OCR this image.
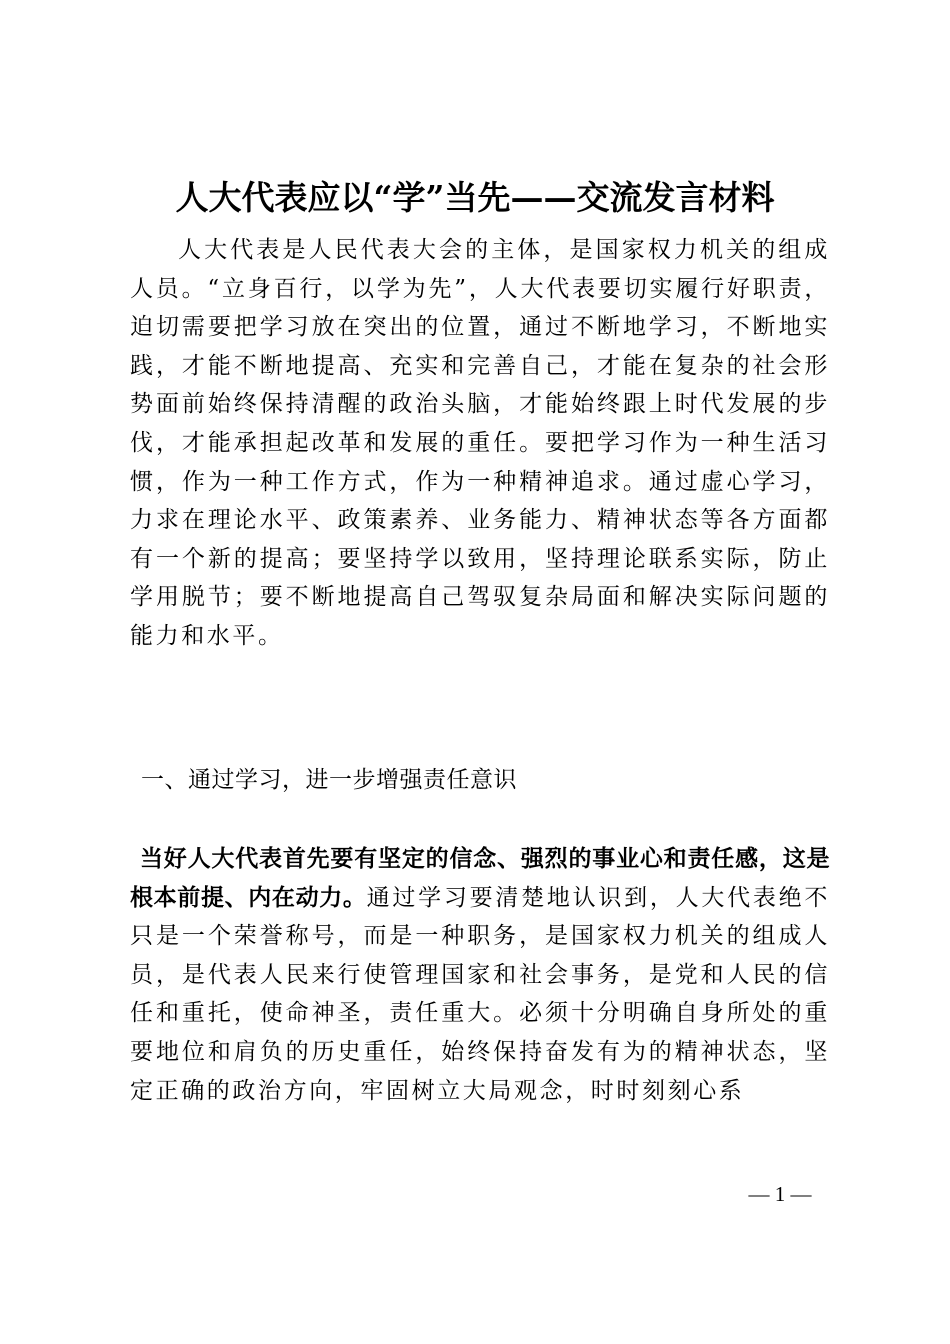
人大代表应以“学”当先——交流发言材料

人大代表是人民代表大会的主体，是国家权力机关的组成人员。“立身百行，以学为先”，人大代表要切实履行好职责，迫切需要把学习放在突出的位置，通过不断地学习，不断地实践，才能不断地提高、充实和完善自己，才能在复杂的社会形势面前始终保持清醒的政治头脑，才能始终跟上时代发展的步伐，才能承担起改革和发展的重任。要把学习作为一种生活习惯，作为一种工作方式，作为一种精神追求。通过虚心学习，力求在理论水平、政策素养、业务能力、精神状态等各方面都有一个新的提高；要坚持学以致用，坚持理论联系实际，防止学用脱节；要不断地提高自己驾驭复杂局面和解决实际问题的能力和水平。

一、通过学习，进一步增强责任意识

当好人大代表首先要有坚定的信念、强烈的事业心和责任感，这是根本前提、内在动力。通过学习要清楚地认识到，人大代表绝不只是一个荣誉称号，而是一种职务，是国家权力机关的组成人员，是代表人民来行使管理国家和社会事务，是党和人民的信任和重托，使命神圣，责任重大。必须十分明确自身所处的重要地位和肩负的历史重任，始终保持奋发有为的精神状态，坚定正确的政治方向，牢固树立大局观念，时时刻刻心系

— 1 —
